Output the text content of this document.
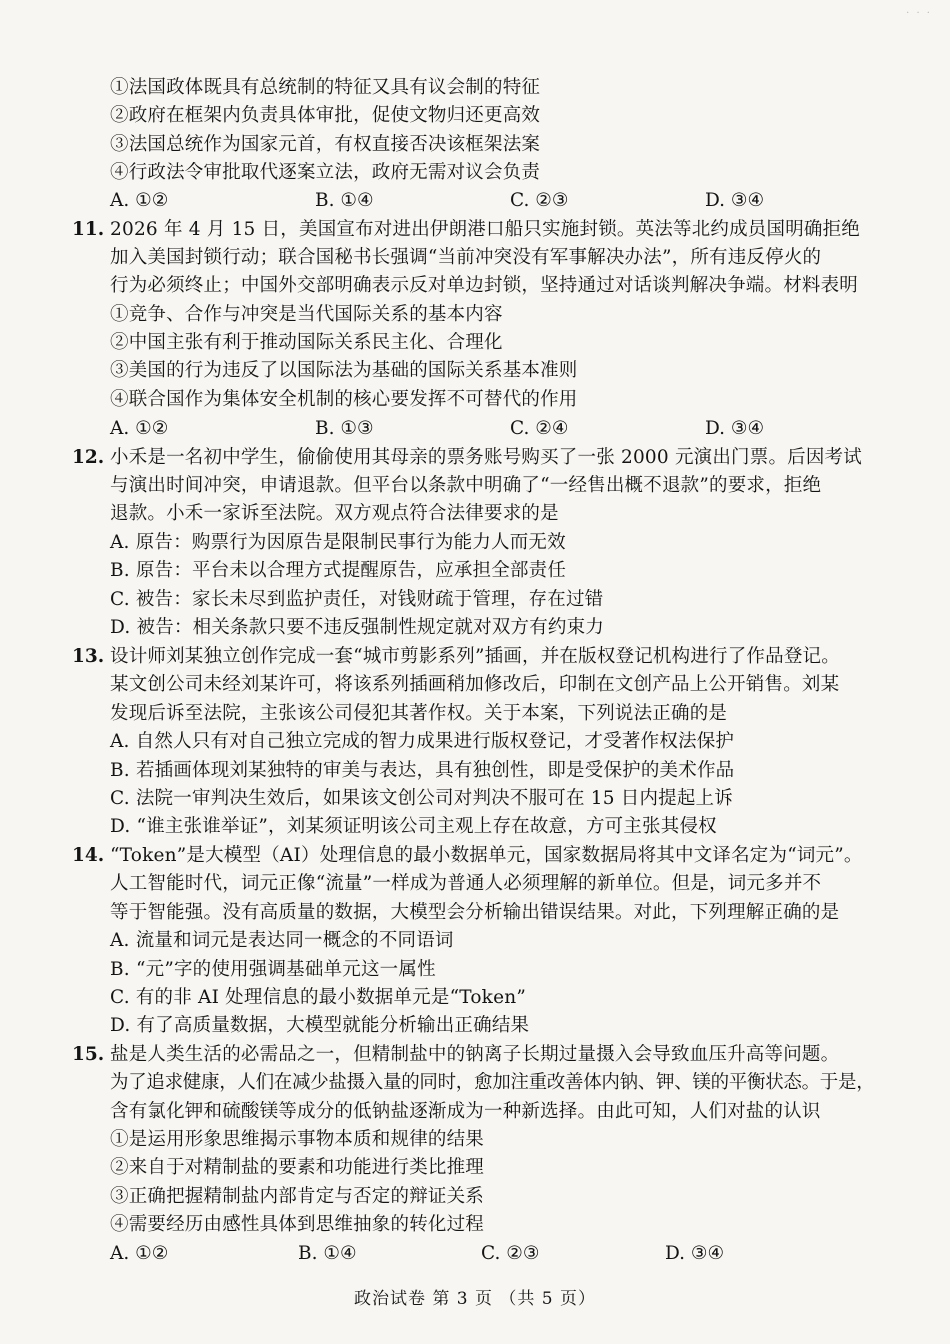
· · ·
①法国政体既具有总统制的特征又具有议会制的特征
②政府在框架内负责具体审批，促使文物归还更高效
③法国总统作为国家元首，有权直接否决该框架法案
④行政法令审批取代逐案立法，政府无需对议会负责
A. ①②	B. ①④	C. ②③	D. ③④
11. 2026 年 4 月 15 日，美国宣布对进出伊朗港口船只实施封锁。英法等北约成员国明确拒绝
加入美国封锁行动；联合国秘书长强调“当前冲突没有军事解决办法”，所有违反停火的
行为必须终止；中国外交部明确表示反对单边封锁，坚持通过对话谈判解决争端。材料表明
①竞争、合作与冲突是当代国际关系的基本内容
②中国主张有利于推动国际关系民主化、合理化
③美国的行为违反了以国际法为基础的国际关系基本准则
④联合国作为集体安全机制的核心要发挥不可替代的作用
A. ①②	B. ①③	C. ②④	D. ③④
12. 小禾是一名初中学生，偷偷使用其母亲的票务账号购买了一张 2000 元演出门票。后因考试
与演出时间冲突，申请退款。但平台以条款中明确了“一经售出概不退款”的要求，拒绝
退款。小禾一家诉至法院。双方观点符合法律要求的是
A. 原告：购票行为因原告是限制民事行为能力人而无效
B. 原告：平台未以合理方式提醒原告，应承担全部责任
C. 被告：家长未尽到监护责任，对钱财疏于管理，存在过错
D. 被告：相关条款只要不违反强制性规定就对双方有约束力
13. 设计师刘某独立创作完成一套“城市剪影系列”插画，并在版权登记机构进行了作品登记。
某文创公司未经刘某许可，将该系列插画稍加修改后，印制在文创产品上公开销售。刘某
发现后诉至法院，主张该公司侵犯其著作权。关于本案，下列说法正确的是
A. 自然人只有对自己独立完成的智力成果进行版权登记，才受著作权法保护
B. 若插画体现刘某独特的审美与表达，具有独创性，即是受保护的美术作品
C. 法院一审判决生效后，如果该文创公司对判决不服可在 15 日内提起上诉
D. “谁主张谁举证”，刘某须证明该公司主观上存在故意，方可主张其侵权
14. “Token”是大模型（AI）处理信息的最小数据单元，国家数据局将其中文译名定为“词元”。
人工智能时代，词元正像“流量”一样成为普通人必须理解的新单位。但是，词元多并不
等于智能强。没有高质量的数据，大模型会分析输出错误结果。对此，下列理解正确的是
A. 流量和词元是表达同一概念的不同语词
B. “元”字的使用强调基础单元这一属性
C. 有的非 AI 处理信息的最小数据单元是“Token”
D. 有了高质量数据，大模型就能分析输出正确结果
15. 盐是人类生活的必需品之一，但精制盐中的钠离子长期过量摄入会导致血压升高等问题。
为了追求健康，人们在减少盐摄入量的同时，愈加注重改善体内钠、钾、镁的平衡状态。于是，
含有氯化钾和硫酸镁等成分的低钠盐逐渐成为一种新选择。由此可知，人们对盐的认识
①是运用形象思维揭示事物本质和规律的结果
②来自于对精制盐的要素和功能进行类比推理
③正确把握精制盐内部肯定与否定的辩证关系
④需要经历由感性具体到思维抽象的转化过程
A. ①②	B. ①④	C. ②③	D. ③④
政治试卷 第 3 页 （共 5 页）
